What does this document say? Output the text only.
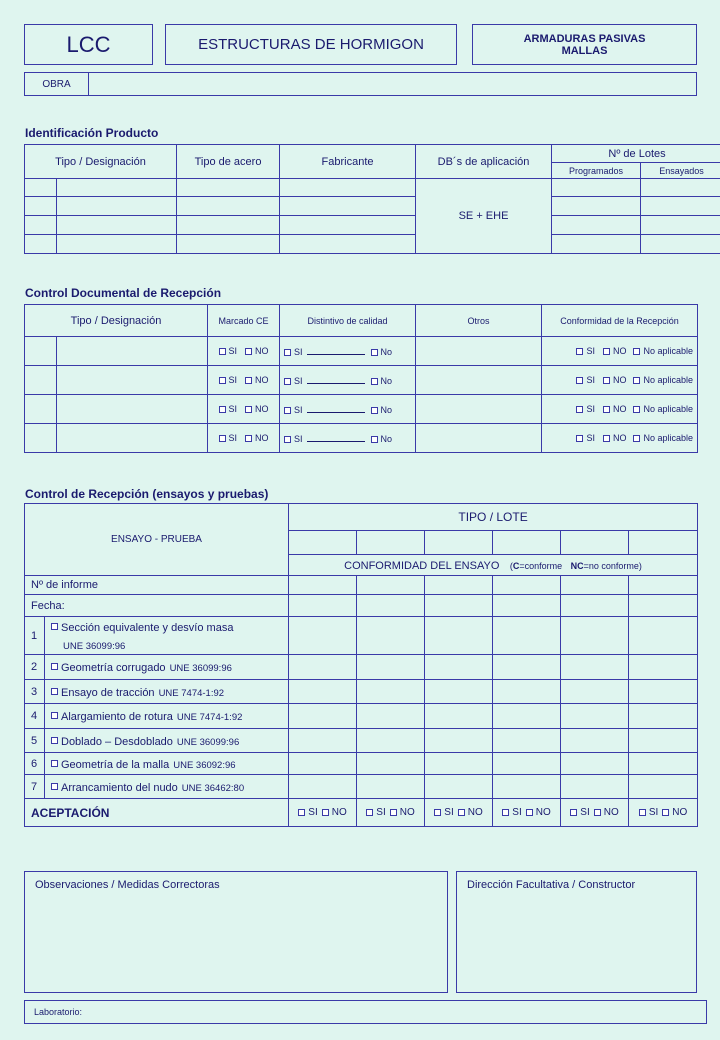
LCC	ESTRUCTURAS DE HORMIGON	ARMADURAS PASIVAS
MALLAS
OBRA
Identificación Producto
Tipo / Designación		Tipo de acero	Fabricante	DB´s de aplicación	Nº de Lotes	
					Programados	Ensayados
				SE + EHE		

Control Documental de Recepción
Tipo / Designación		Marcado CE	Distintivo de calidad	Otros	Conformidad de la Recepción
		SI NO	SI No		SI NO No aplicable
		SI NO	SI No		SI NO No aplicable
		SI NO	SI No		SI NO No aplicable
		SI NO	SI No		SI NO No aplicable
Control de Recepción (ensayos y pruebas)
ENSAYO - PRUEBA		TIPO / LOTE					

		CONFORMIDAD DEL ENSAYO (C=conforme NC=no conforme)					
Nº de informe							
Fecha:							
1	Sección equivalente y desvío masa
UNE 36099:96						
2	Geometría corrugado UNE 36099:96						
3	Ensayo de tracción UNE 7474-1:92						
4	Alargamiento de rotura UNE 7474-1:92						
5	Doblado – Desdoblado UNE 36099:96						
6	Geometría de la malla UNE 36092:96						
7	Arrancamiento del nudo UNE 36462:80						
ACEPTACIÓN		SI NO	SI NO	SI NO	SI NO	SI NO	SI NO
Observaciones / Medidas Correctoras	Dirección Facultativa / Constructor
Laboratorio:
